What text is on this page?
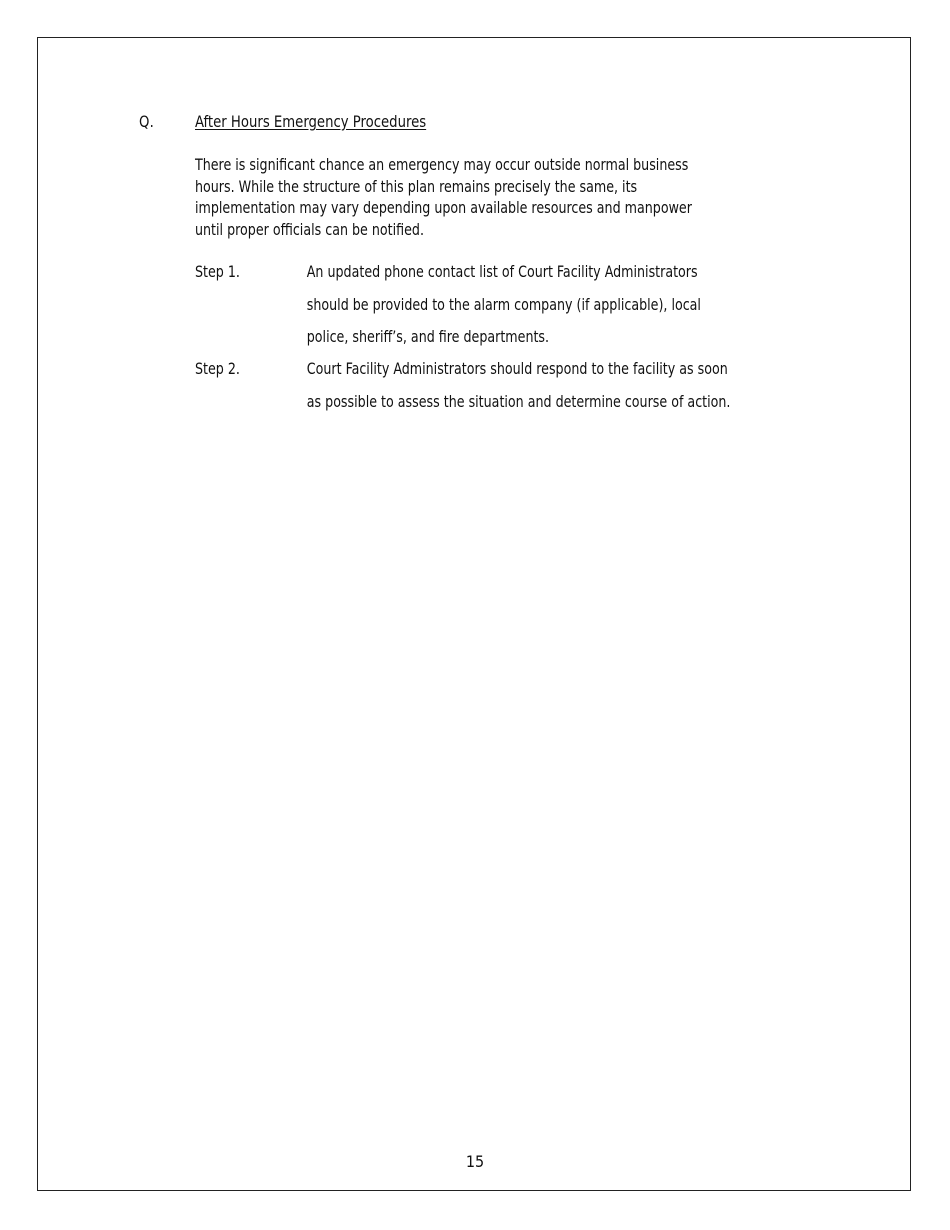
Q.	After Hours Emergency Procedures

There is significant chance an emergency may occur outside normal business

hours. While the structure of this plan remains precisely the same, its

implementation may vary depending upon available resources and manpower

until proper officials can be notified.

Step 1.	An updated phone contact list of Court Facility Administrators

should be provided to the alarm company (if applicable), local

police, sheriff’s, and fire departments.

Step 2.	Court Facility Administrators should respond to the facility as soon

as possible to assess the situation and determine course of action.

15
